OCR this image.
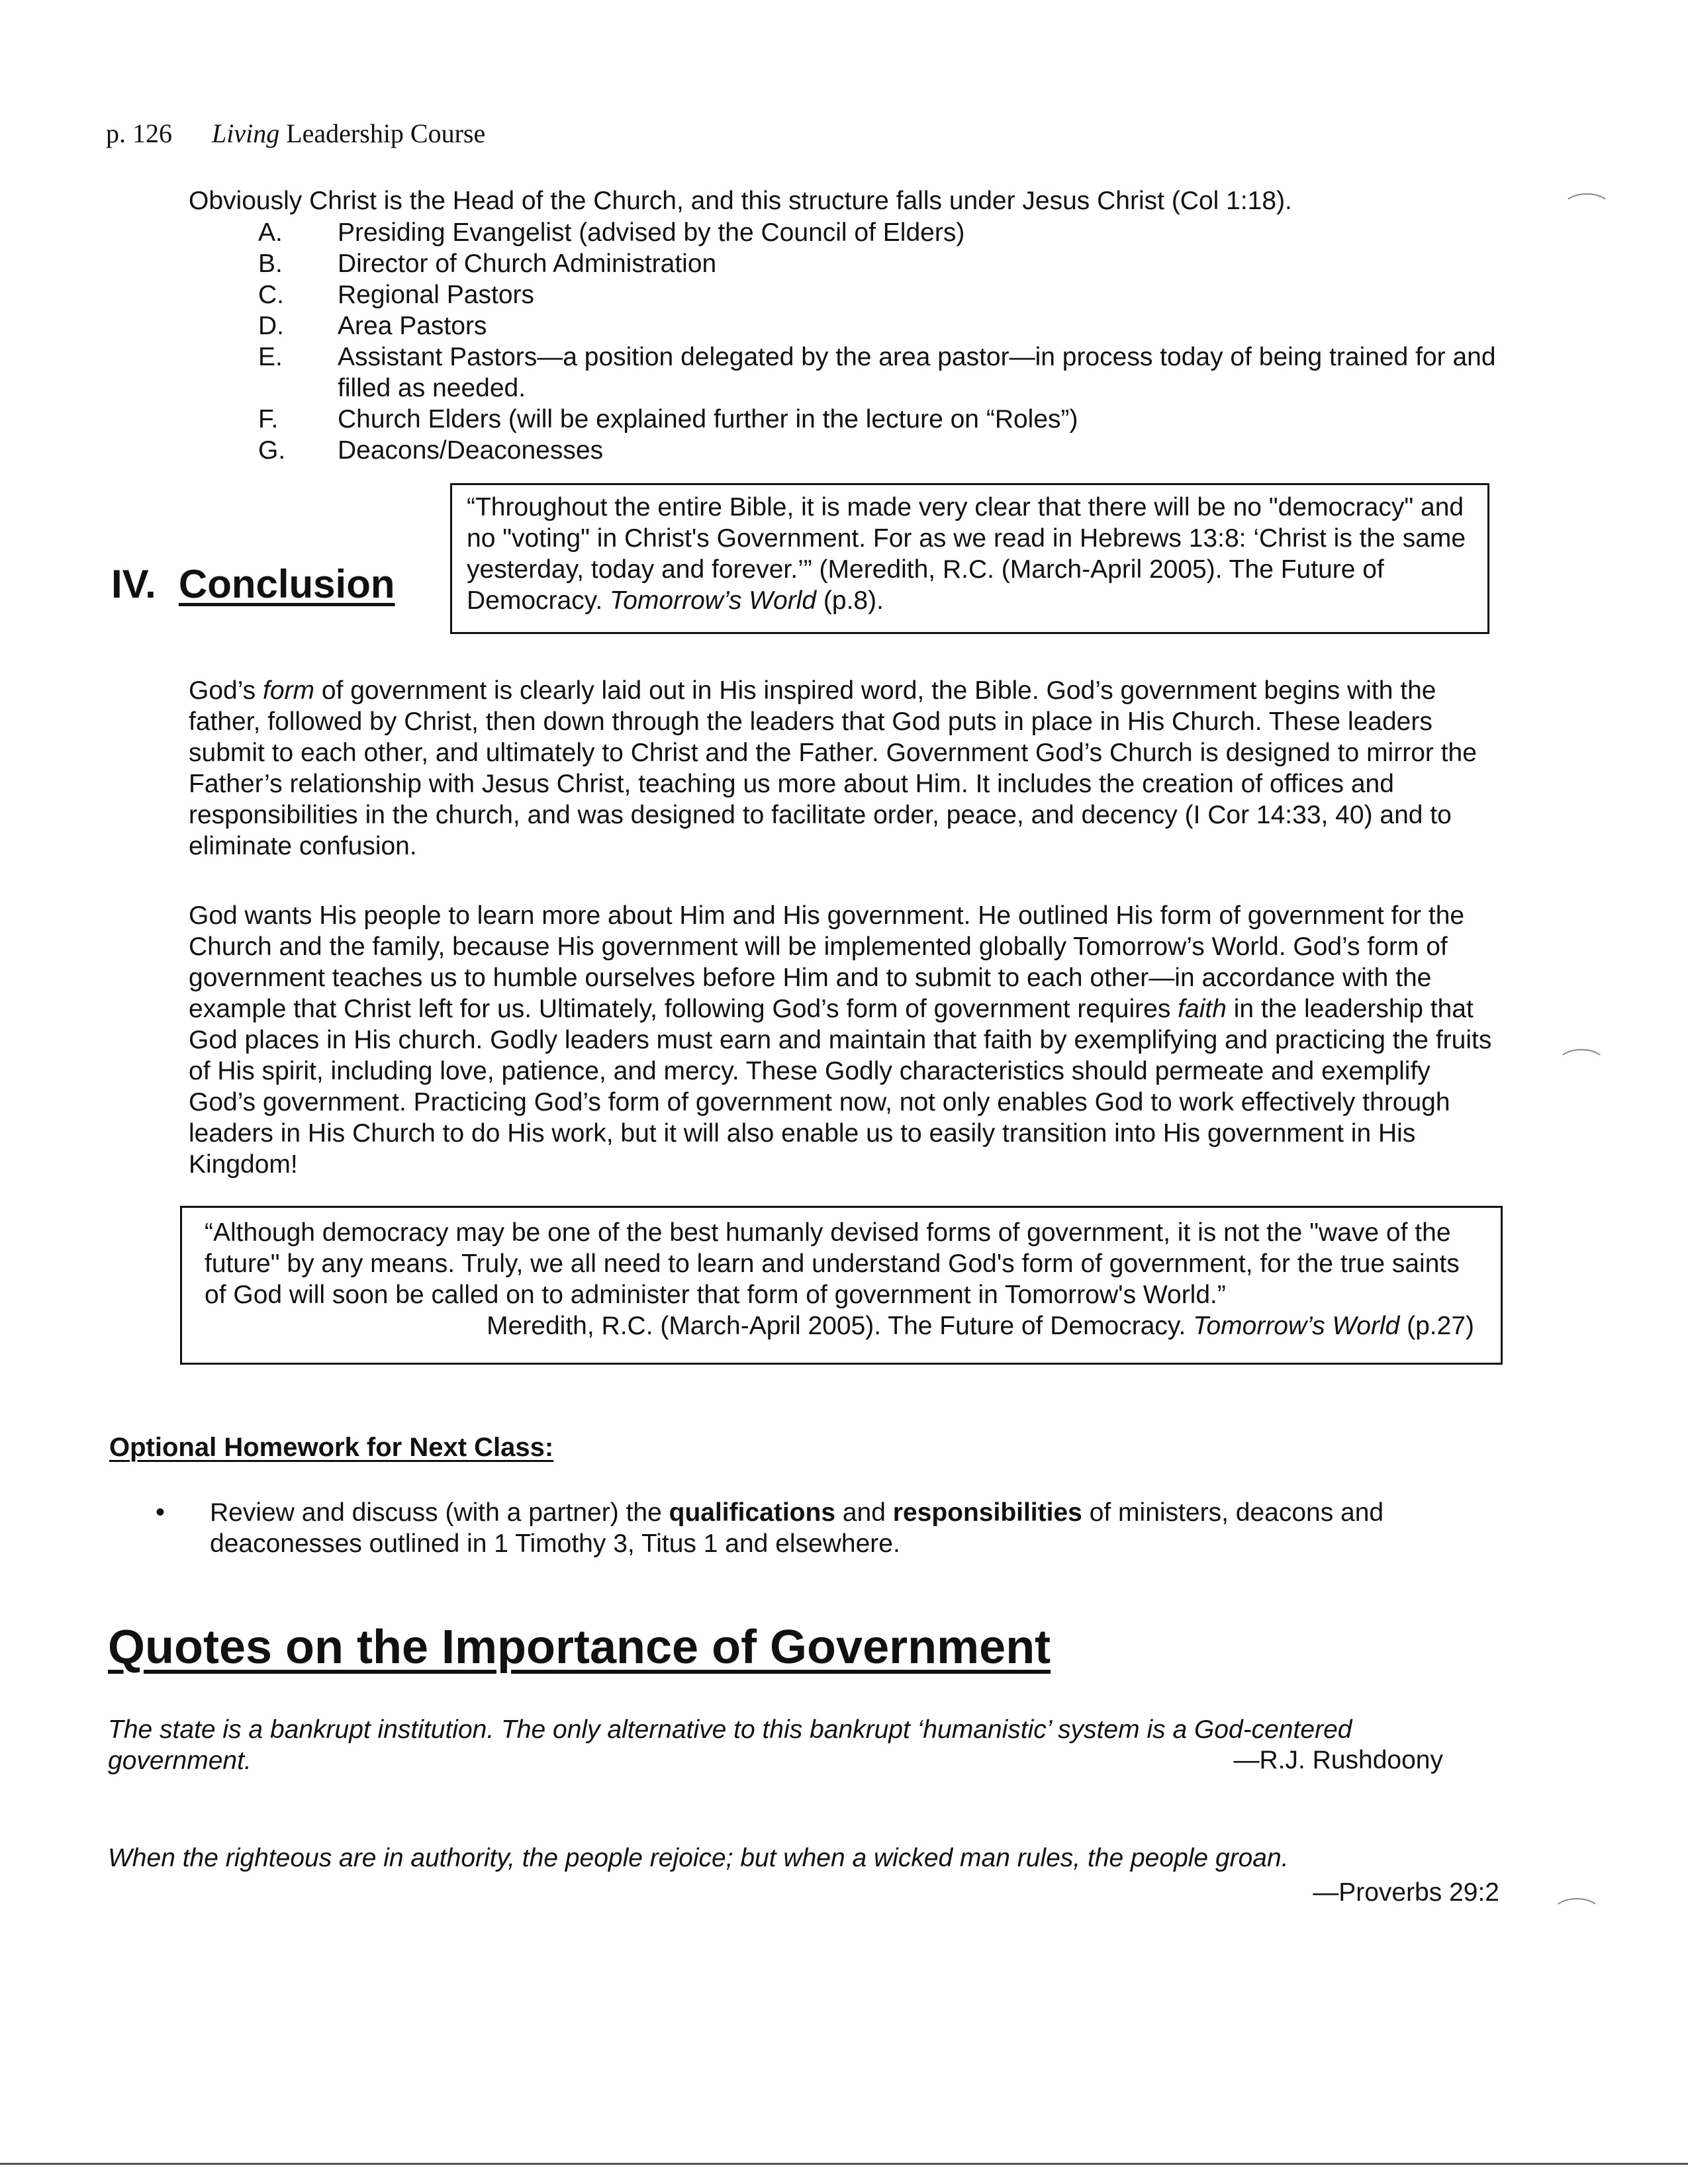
p. 126 Living Leadership Course
Obviously Christ is the Head of the Church, and this structure falls under Jesus Christ (Col 1:18).
A.	Presiding Evangelist (advised by the Council of Elders)
B.	Director of Church Administration
C.	Regional Pastors
D.	Area Pastors
E.	Assistant Pastors—a position delegated by the area pastor—in process today of being trained for and filled as needed.
F.	Church Elders (will be explained further in the lecture on “Roles”)
G.	Deacons/Deaconesses
“Throughout the entire Bible, it is made very clear that there will be no "democracy" and no "voting" in Christ's Government. For as we read in Hebrews 13:8: ‘Christ is the same yesterday, today and forever.’” (Meredith, R.C. (March-April 2005). The Future of Democracy. Tomorrow’s World (p.8).
IV. Conclusion
God’s form of government is clearly laid out in His inspired word, the Bible. God’s government begins with the father, followed by Christ, then down through the leaders that God puts in place in His Church. These leaders submit to each other, and ultimately to Christ and the Father. Government God’s Church is designed to mirror the Father’s relationship with Jesus Christ, teaching us more about Him. It includes the creation of offices and responsibilities in the church, and was designed to facilitate order, peace, and decency (I Cor 14:33, 40) and to eliminate confusion.
God wants His people to learn more about Him and His government. He outlined His form of government for the Church and the family, because His government will be implemented globally Tomorrow’s World. God’s form of government teaches us to humble ourselves before Him and to submit to each other—in accordance with the example that Christ left for us. Ultimately, following God’s form of government requires faith in the leadership that God places in His church. Godly leaders must earn and maintain that faith by exemplifying and practicing the fruits of His spirit, including love, patience, and mercy. These Godly characteristics should permeate and exemplify God’s government. Practicing God’s form of government now, not only enables God to work effectively through leaders in His Church to do His work, but it will also enable us to easily transition into His government in His Kingdom!
“Although democracy may be one of the best humanly devised forms of government, it is not the "wave of the future" by any means. Truly, we all need to learn and understand God's form of government, for the true saints of God will soon be called on to administer that form of government in Tomorrow's World.”
Meredith, R.C. (March-April 2005). The Future of Democracy. Tomorrow’s World (p.27)
Optional Homework for Next Class:
•	Review and discuss (with a partner) the qualifications and responsibilities of ministers, deacons and deaconesses outlined in 1 Timothy 3, Titus 1 and elsewhere.
Quotes on the Importance of Government
The state is a bankrupt institution. The only alternative to this bankrupt ‘humanistic’ system is a God-centered government.	—R.J. Rushdoony
When the righteous are in authority, the people rejoice; but when a wicked man rules, the people groan.
—Proverbs 29:2
